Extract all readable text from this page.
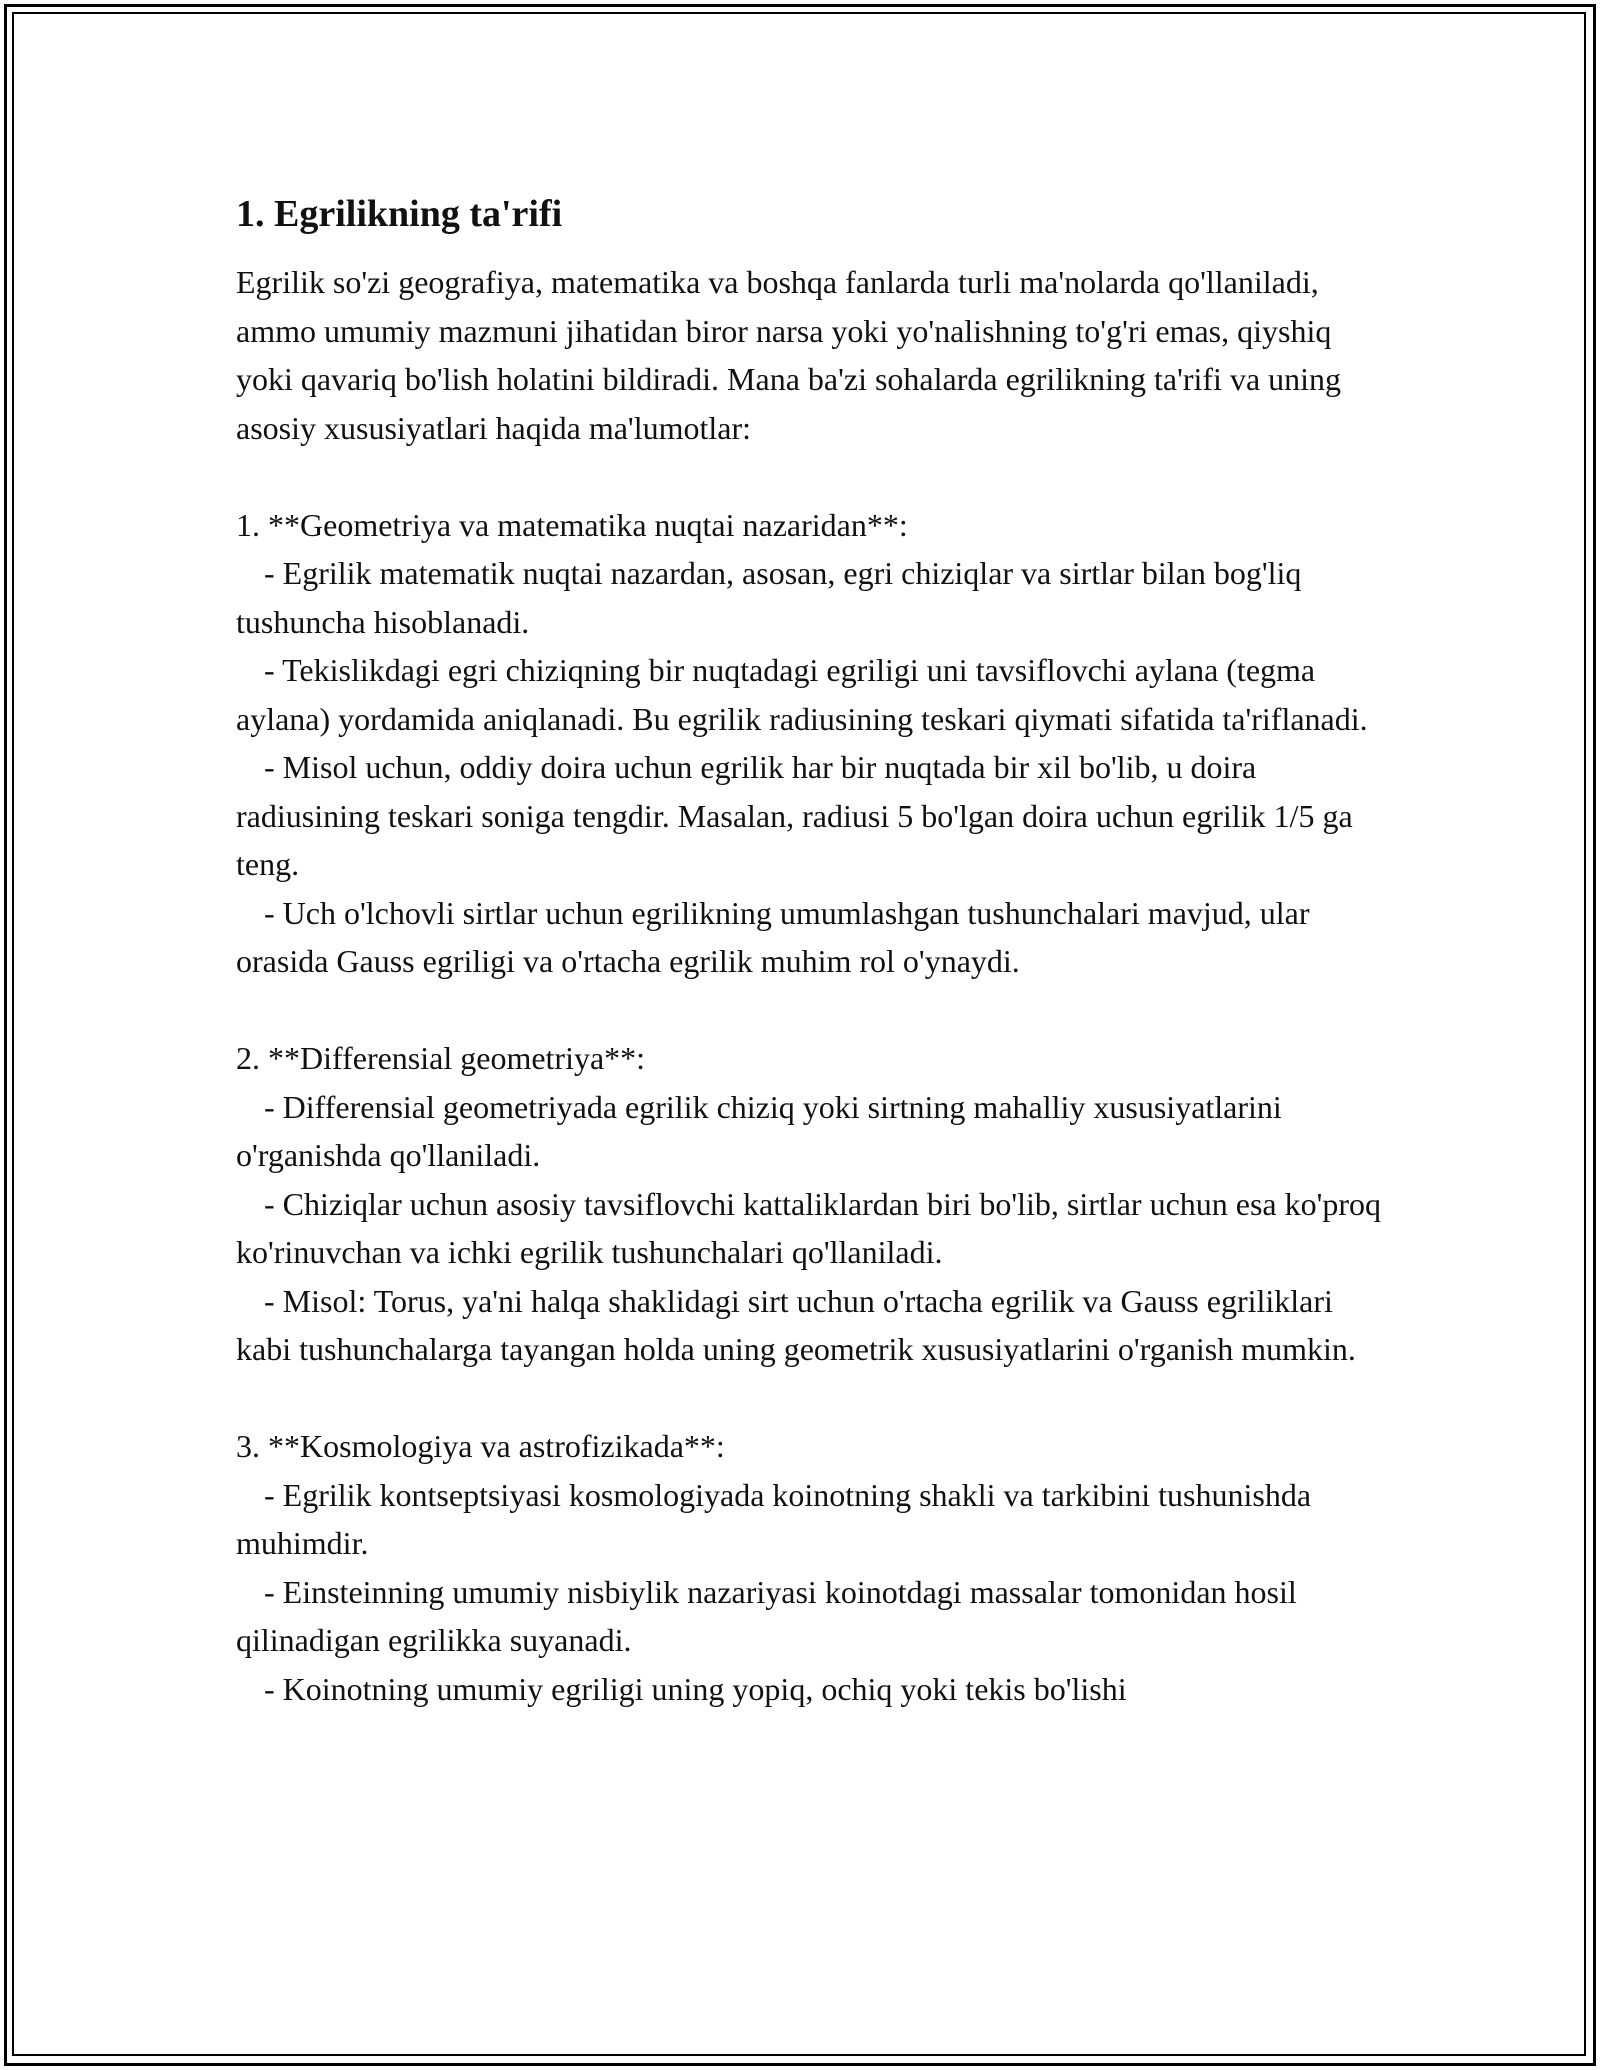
1. Egrilikning ta'rifi

Egrilik so'zi geografiya, matematika va boshqa fanlarda turli ma'nolarda qo'llaniladi, ammo umumiy mazmuni jihatidan biror narsa yoki yo'nalishning to'g'ri emas, qiyshiq yoki qavariq bo'lish holatini bildiradi. Mana ba'zi sohalarda egrilikning ta'rifi va uning asosiy xususiyatlari haqida ma'lumotlar:

1. **Geometriya va matematika nuqtai nazaridan**:

- Egrilik matematik nuqtai nazardan, asosan, egri chiziqlar va sirtlar bilan bog'liq tushuncha hisoblanadi.

- Tekislikdagi egri chiziqning bir nuqtadagi egriligi uni tavsiflovchi aylana (tegma aylana) yordamida aniqlanadi. Bu egrilik radiusining teskari qiymati sifatida ta'riflanadi.

- Misol uchun, oddiy doira uchun egrilik har bir nuqtada bir xil bo'lib, u doira radiusining teskari soniga tengdir. Masalan, radiusi 5 bo'lgan doira uchun egrilik 1/5 ga teng.

- Uch o'lchovli sirtlar uchun egrilikning umumlashgan tushunchalari mavjud, ular orasida Gauss egriligi va o'rtacha egrilik muhim rol o'ynaydi.

2. **Differensial geometriya**:

- Differensial geometriyada egrilik chiziq yoki sirtning mahalliy xususiyatlarini o'rganishda qo'llaniladi.

- Chiziqlar uchun asosiy tavsiflovchi kattaliklardan biri bo'lib, sirtlar uchun esa ko'proq ko'rinuvchan va ichki egrilik tushunchalari qo'llaniladi.

- Misol: Torus, ya'ni halqa shaklidagi sirt uchun o'rtacha egrilik va Gauss egriliklari kabi tushunchalarga tayangan holda uning geometrik xususiyatlarini o'rganish mumkin.

3. **Kosmologiya va astrofizikada**:

- Egrilik kontseptsiyasi kosmologiyada koinotning shakli va tarkibini tushunishda muhimdir.

- Einsteinning umumiy nisbiylik nazariyasi koinotdagi massalar tomonidan hosil qilinadigan egrilikka suyanadi.

- Koinotning umumiy egriligi uning yopiq, ochiq yoki tekis bo'lishi
